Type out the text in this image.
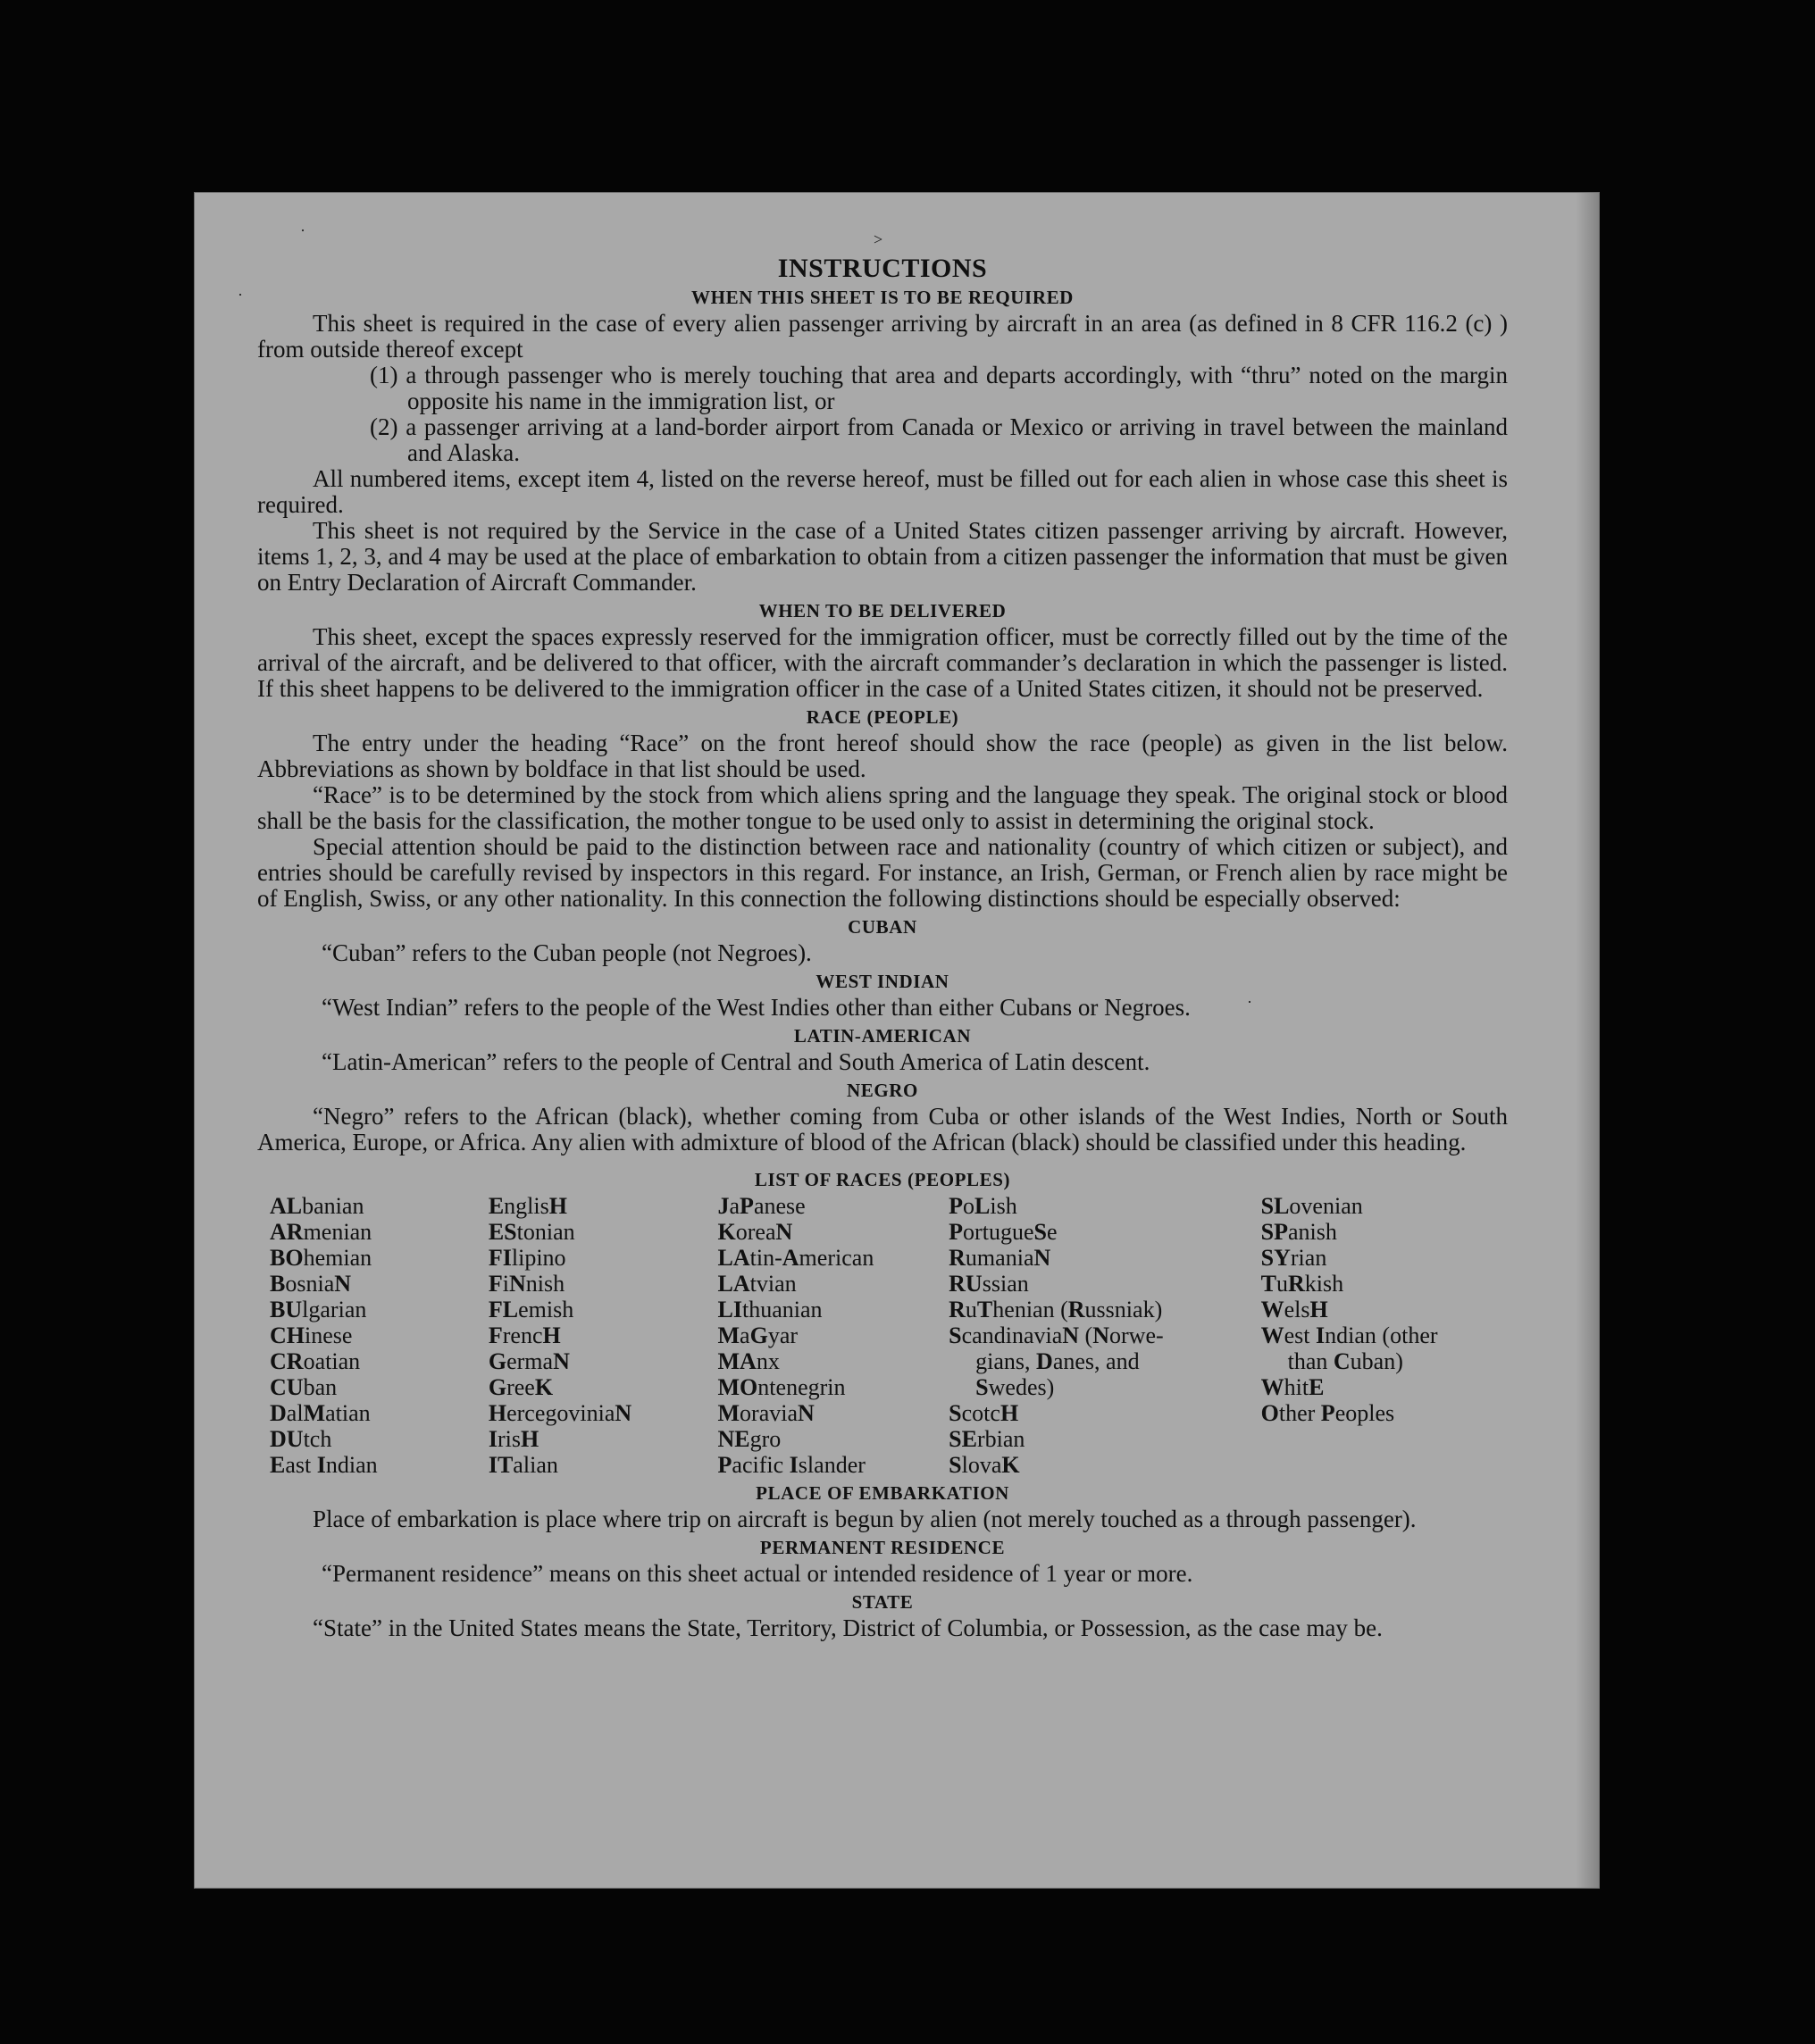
·	>
·
·
INSTRUCTIONS
WHEN THIS SHEET IS TO BE REQUIRED

This sheet is required in the case of every alien passenger arriving by aircraft in an area (as defined in 8 CFR 116.2 (c) ) from outside thereof except

(1) a through passenger who is merely touching that area and departs accordingly, with “thru” noted on the margin opposite his name in the immigration list, or

(2) a passenger arriving at a land-border airport from Canada or Mexico or arriving in travel between the mainland and Alaska.

All numbered items, except item 4, listed on the reverse hereof, must be filled out for each alien in whose case this sheet is required.

This sheet is not required by the Service in the case of a United States citizen passenger arriving by aircraft. However, items 1, 2, 3, and 4 may be used at the place of embarkation to obtain from a citizen passenger the information that must be given on Entry Declaration of Aircraft Commander.

WHEN TO BE DELIVERED

This sheet, except the spaces expressly reserved for the immigration officer, must be correctly filled out by the time of the arrival of the aircraft, and be delivered to that officer, with the aircraft commander’s declaration in which the passenger is listed. If this sheet happens to be delivered to the immigration officer in the case of a United States citizen, it should not be preserved.

RACE (PEOPLE)

The entry under the heading “Race” on the front hereof should show the race (people) as given in the list below. Abbreviations as shown by boldface in that list should be used.

“Race” is to be determined by the stock from which aliens spring and the language they speak. The original stock or blood shall be the basis for the classification, the mother tongue to be used only to assist in determining the original stock.

Special attention should be paid to the distinction between race and nationality (country of which citizen or subject), and entries should be carefully revised by inspectors in this regard. For instance, an Irish, German, or French alien by race might be of English, Swiss, or any other nationality. In this connection the following distinctions should be especially observed:

CUBAN

“Cuban” refers to the Cuban people (not Negroes).

WEST INDIAN

“West Indian” refers to the people of the West Indies other than either Cubans or Negroes.

LATIN-AMERICAN

“Latin-American” refers to the people of Central and South America of Latin descent.

NEGRO

“Negro” refers to the African (black), whether coming from Cuba or other islands of the West Indies, North or South America, Europe, or Africa. Any alien with admixture of blood of the African (black) should be classified under this heading.

LIST OF RACES (PEOPLES)
ALbanian
ARmenian
BOhemian
BosniaN
BUlgarian
CHinese
CRoatian
CUban
DalMatian
DUtch
East Indian
EnglisH
EStonian
FIlipino
FiNnish
FLemish
FrencH
GermaN
GreeK
HercegoviniaN
IrisH
ITalian
JaPanese
KoreaN
LAtin-American
LAtvian
LIthuanian
MaGyar
MAnx
MOntenegrin
MoraviaN
NEgro
Pacific Islander
PoLish
PortugueSe
RumaniaN
RUssian
RuThenian (Russniak)
ScandinaviaN (Norwe-
gians, Danes, and
Swedes)
ScotcH
SErbian
SlovaK
SLovenian
SPanish
SYrian
TuRkish
WelsH
West Indian (other
than Cuban)
WhitE
Other Peoples
PLACE OF EMBARKATION

Place of embarkation is place where trip on aircraft is begun by alien (not merely touched as a through passenger).

PERMANENT RESIDENCE

“Permanent residence” means on this sheet actual or intended residence of 1 year or more.

STATE

“State” in the United States means the State, Territory, District of Columbia, or Possession, as the case may be.
